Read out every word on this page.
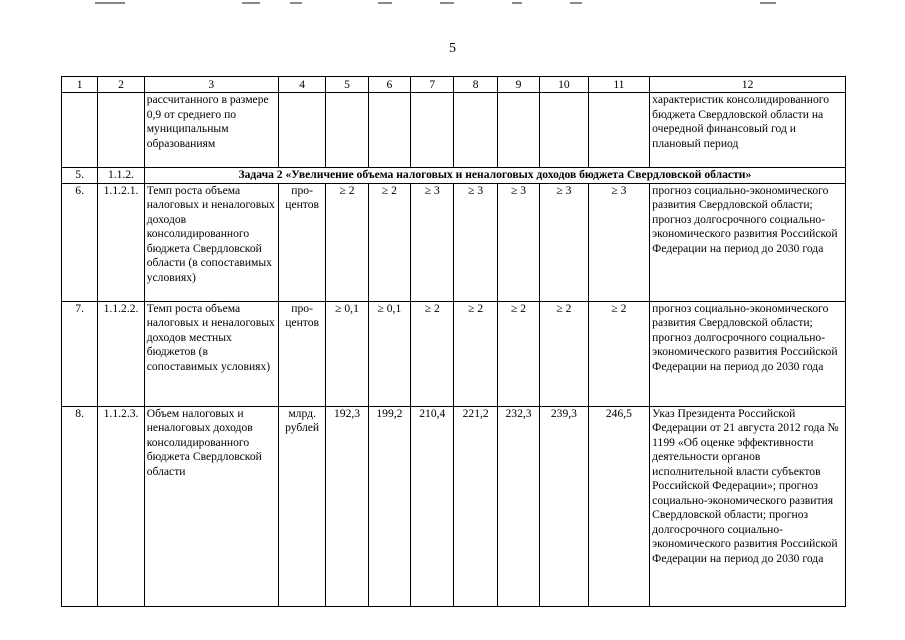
5
1	2	3	4	5	6	7	8	9	10	11	12
		рассчитанного в размере 0,9 от среднего по муниципальным образованиям									характеристик консолидированного бюджета Свердловской области на очередной финансовый год и плановый период
5.	1.1.2.	Задача 2 «Увеличение объема налоговых и неналоговых доходов бюджета Свердловской области»									
6.	1.1.2.1.	Темп роста объема налоговых и неналоговых доходов консолидированного бюджета Свердловской области (в сопоставимых условиях)	про-
центов	≥ 2	≥ 2	≥ 3	≥ 3	≥ 3	≥ 3	≥ 3	прогноз социально-экономического развития Свердловской области; прогноз долгосрочного социально-экономического развития Российской Федерации на период до 2030 года
7.	1.1.2.2.	Темп роста объема налоговых и неналоговых доходов местных бюджетов (в сопоставимых условиях)	про-
центов	≥ 0,1	≥ 0,1	≥ 2	≥ 2	≥ 2	≥ 2	≥ 2	прогноз социально-экономического развития Свердловской области; прогноз долгосрочного социально-экономического развития Российской Федерации на период до 2030 года
8.	1.1.2.3.	Объем налоговых и неналоговых доходов консолидированного бюджета Свердловской области	млрд.
рублей	192,3	199,2	210,4	221,2	232,3	239,3	246,5	Указ Президента Российской Федерации от 21 августа 2012 года № 1199 «Об оценке эффективности деятельности органов исполнительной власти субъектов Российской Федерации»; прогноз социально-экономического развития Свердловской области; прогноз долгосрочного социально-экономического развития Российской Федерации на период до 2030 года
